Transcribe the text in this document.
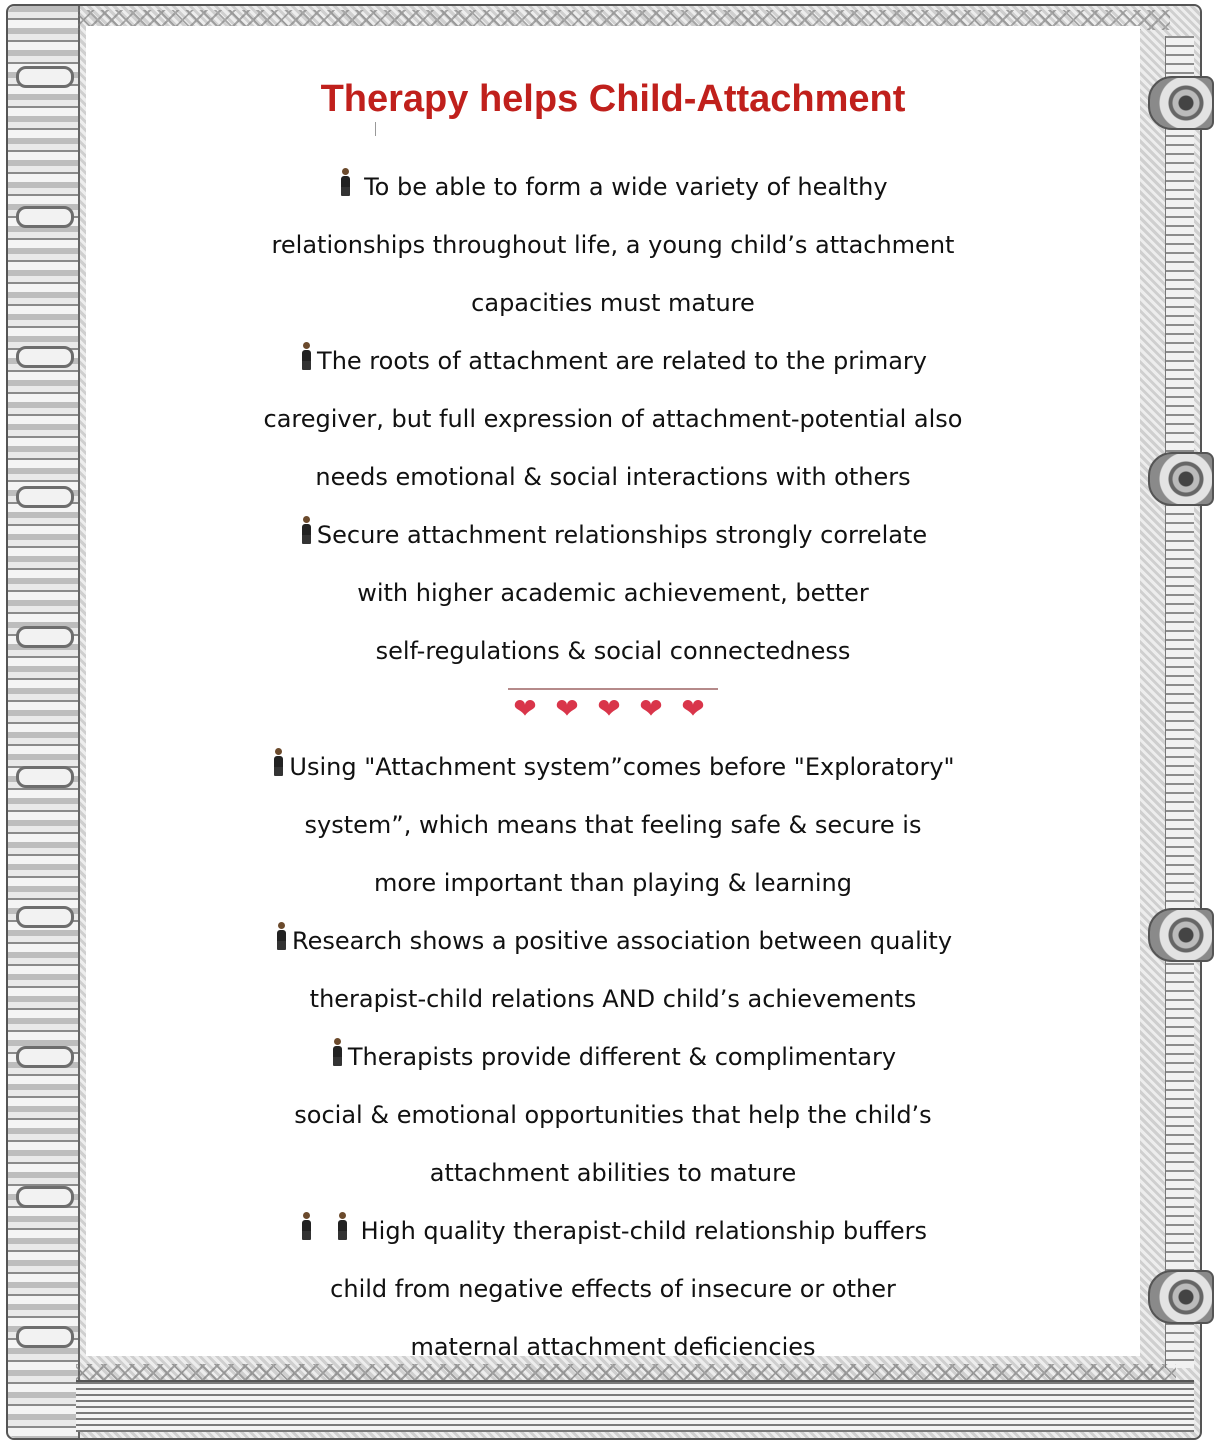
Therapy helps Child-Attachment
To be able to form a wide variety of healthy
relationships throughout life, a young child’s attachment
capacities must mature
The roots of attachment are related to the primary
caregiver, but full expression of attachment-potential also
needs emotional & social interactions with others
Secure attachment relationships strongly correlate
with higher academic achievement, better
self-regulations & social connectedness
❤ ❤ ❤ ❤ ❤
Using "Attachment system”comes before "Exploratory"
system”, which means that feeling safe & secure is
more important than playing & learning
Research shows a positive association between quality
therapist-child relations AND child’s achievements
Therapists provide different & complimentary
social & emotional opportunities that help the child’s
attachment abilities to mature
High quality therapist-child relationship buffers
child from negative effects of insecure or other
maternal attachment deficiencies
